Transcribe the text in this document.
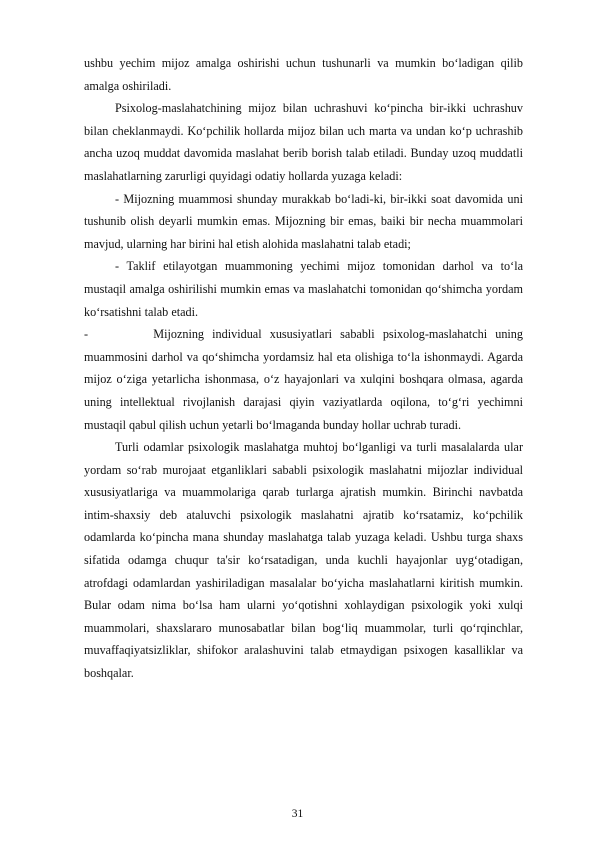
ushbu yechim mijoz amalga oshirishi uchun tushunarli va mumkin bo‘ladigan qilib amalga oshiriladi.

Psixolog-maslahatchining mijoz bilan uchrashuvi ko‘pincha bir-ikki uchrashuv bilan cheklanmaydi. Ko‘pchilik hollarda mijoz bilan uch marta va undan ko‘p uchrashib ancha uzoq muddat davomida maslahat berib borish talab etiladi. Bunday uzoq muddatli maslahatlarning zarurligi quyidagi odatiy hollarda yuzaga keladi:

- Mijozning muammosi shunday murakkab bo‘ladi-ki, bir-ikki soat davomida uni tushunib olish deyarli mumkin emas. Mijozning bir emas, baiki bir necha muammolari mavjud, ularning har birini hal etish alohida maslahatni talab etadi;

- Taklif etilayotgan muammoning yechimi mijoz tomonidan darhol va to‘la mustaqil amalga oshirilishi mumkin emas va maslahatchi tomonidan qo‘shimcha yordam ko‘rsatishni talab etadi.

-        Mijozning individual xususiyatlari sababli psixolog-maslahatchi uning muammosini darhol va qo‘shimcha yordamsiz hal eta olishiga to‘la ishonmaydi. Agarda mijoz o‘ziga yetarlicha ishonmasa, o‘z hayajonlari va xulqini boshqara olmasa, agarda uning intellektual rivojlanish darajasi qiyin vaziyatlarda oqilona, to‘g‘ri yechimni mustaqil qabul qilish uchun yetarli bo‘lmaganda bunday hollar uchrab turadi.

Turli odamlar psixologik maslahatga muhtoj bo‘lganligi va turli masalalarda ular yordam so‘rab murojaat etganliklari sababli psixologik maslahatni mijozlar individual xususiyatlariga va muammolariga qarab turlarga ajratish mumkin. Birinchi navbatda intim-shaxsiy deb ataluvchi psixologik maslahatni ajratib ko‘rsatamiz, ko‘pchilik odamlarda ko‘pincha mana shunday maslahatga talab yuzaga keladi. Ushbu turga shaxs sifatida odamga chuqur ta'sir ko‘rsatadigan, unda kuchli hayajonlar uyg‘otadigan, atrofdagi odamlardan yashiriladigan masalalar bo‘yicha maslahatlarni kiritish mumkin. Bular odam nima bo‘lsa ham ularni yo‘qotishni xohlaydigan psixologik yoki xulqi muammolari, shaxslararo munosabatlar bilan bog‘liq muammolar, turli qo‘rqinchlar, muvaffaqiyatsizliklar, shifokor aralashuvini talab etmaydigan psixogen kasalliklar va boshqalar.

31
